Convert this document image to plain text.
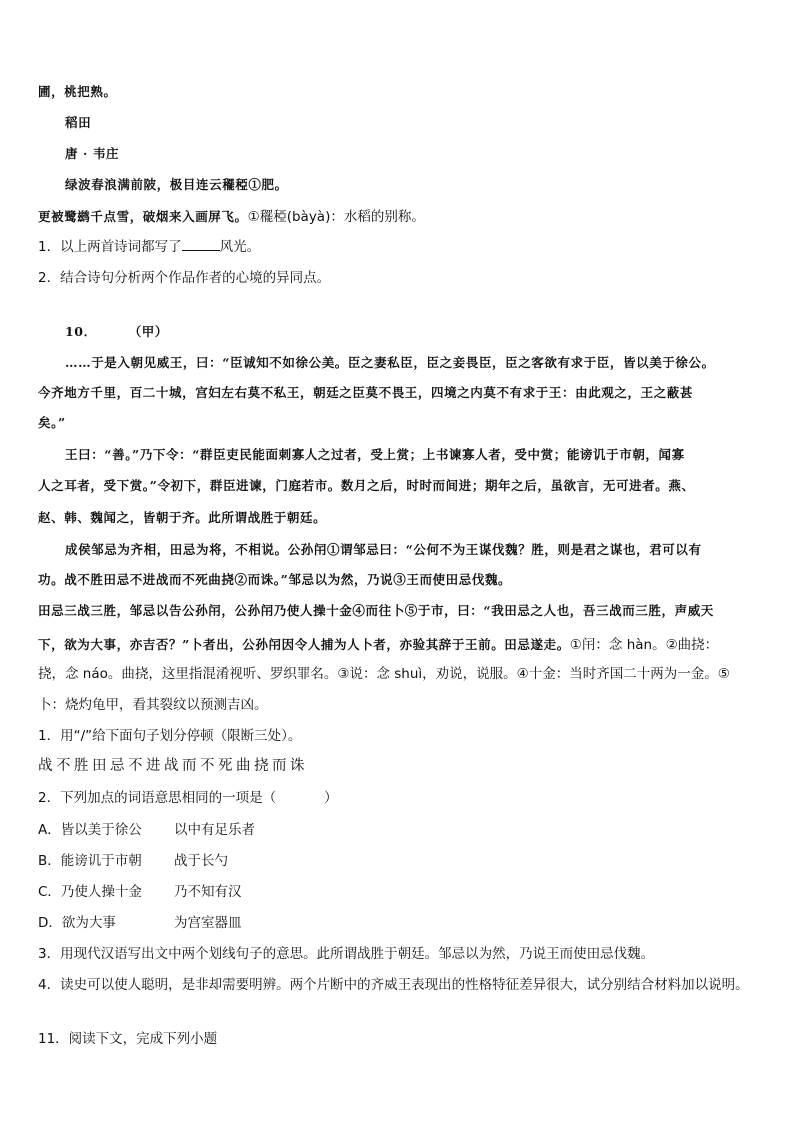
圃，桃把熟。
稻田
唐 · 韦庄
绿波春浪满前陂，极目连云䆉稏①肥。
更被鹭鹚千点雪，破烟来入画屏飞。①䆉稏(bàyà)：水稻的别称。
1．以上两首诗词都写了	风光。
2．结合诗句分析两个作品作者的心境的异同点。
10．	（甲）
……于是入朝见威王，曰：“臣诚知不如徐公美。臣之妻私臣，臣之妾畏臣，臣之客欲有求于臣，皆以美于徐公。
今齐地方千里，百二十城，宫妇左右莫不私王，朝廷之臣莫不畏王，四境之内莫不有求于王：由此观之，王之蔽甚
矣。”
王曰：“善。”乃下令：“群臣吏民能面刺寡人之过者，受上赏；上书谏寡人者，受中赏；能谤讥于市朝，闻寡
人之耳者，受下赏。”令初下，群臣进谏，门庭若市。数月之后，时时而间进；期年之后，虽欲言，无可进者。燕、
赵、韩、魏闻之，皆朝于齐。此所谓战胜于朝廷。
成侯邹忌为齐相，田忌为将，不相说。公孙闬①谓邹忌曰：“公何不为王谋伐魏？胜，则是君之谋也，君可以有
功。战不胜田忌不进战而不死曲挠②而诛。”邹忌以为然，乃说③王而使田忌伐魏。
田忌三战三胜，邹忌以告公孙闬，公孙闬乃使人操十金④而往卜⑤于市，曰：“我田忌之人也，吾三战而三胜，声威天
下，欲为大事，亦吉否？”卜者出，公孙闬因令人捕为人卜者，亦验其辞于王前。田忌遂走。①闬：念 hàn。②曲挠：
挠，念 náo。曲挠，这里指混淆视听、罗织罪名。③说：念 shuì，劝说，说服。④十金：当时齐国二十两为一金。⑤
卜：烧灼龟甲，看其裂纹以预测吉凶。
1．用“/”给下面句子划分停顿（限断三处）。
战不胜田忌不进战而不死曲挠而诛
2．下列加点的词语意思相同的一项是（	）
A．皆以美于徐公 以中有足乐者
B．能谤讥于市朝 战于长勺
C．乃使人操十金 乃不知有汉
D．欲为大事	为宫室器皿
3．用现代汉语写出文中两个划线句子的意思。此所谓战胜于朝廷。邹忌以为然，乃说王而使田忌伐魏。
4．读史可以使人聪明，是非却需要明辨。两个片断中的齐威王表现出的性格特征差异很大，试分别结合材料加以说明。
11．阅读下文，完成下列小题
